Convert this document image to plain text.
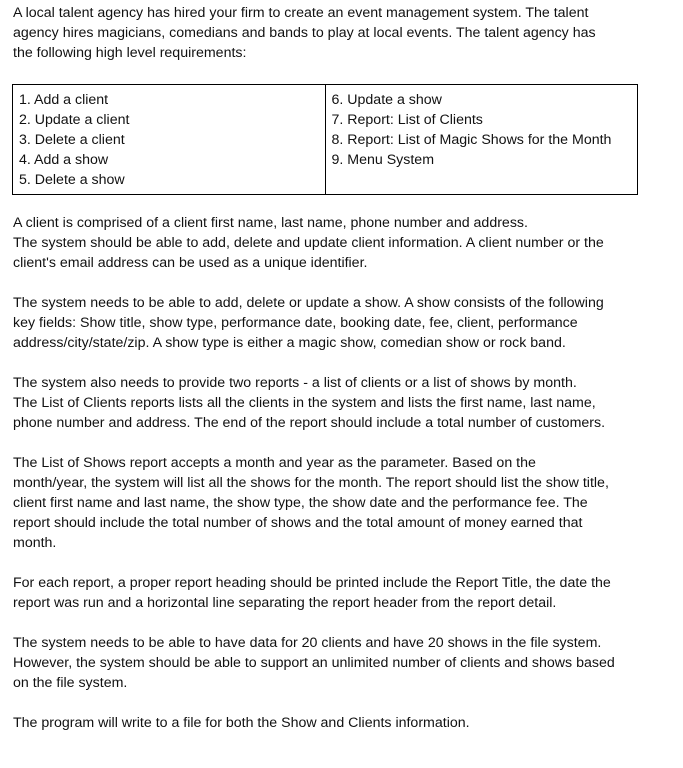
A local talent agency has hired your firm to create an event management system. The talent
agency hires magicians, comedians and bands to play at local events. The talent agency has
the following high level requirements:

1. Add a client
2. Update a client
3. Delete a client
4. Add a show
5. Delete a show

6. Update a show
7. Report: List of Clients
8. Report: List of Magic Shows for the Month
9. Menu System

A client is comprised of a client first name, last name, phone number and address.
The system should be able to add, delete and update client information. A client number or the
client's email address can be used as a unique identifier.

The system needs to be able to add, delete or update a show. A show consists of the following
key fields: Show title, show type, performance date, booking date, fee, client, performance
address/city/state/zip. A show type is either a magic show, comedian show or rock band.

The system also needs to provide two reports - a list of clients or a list of shows by month.
The List of Clients reports lists all the clients in the system and lists the first name, last name,
phone number and address. The end of the report should include a total number of customers.

The List of Shows report accepts a month and year as the parameter. Based on the
month/year, the system will list all the shows for the month. The report should list the show title,
client first name and last name, the show type, the show date and the performance fee. The
report should include the total number of shows and the total amount of money earned that
month.

For each report, a proper report heading should be printed include the Report Title, the date the
report was run and a horizontal line separating the report header from the report detail.

The system needs to be able to have data for 20 clients and have 20 shows in the file system.
However, the system should be able to support an unlimited number of clients and shows based
on the file system.

The program will write to a file for both the Show and Clients information.
